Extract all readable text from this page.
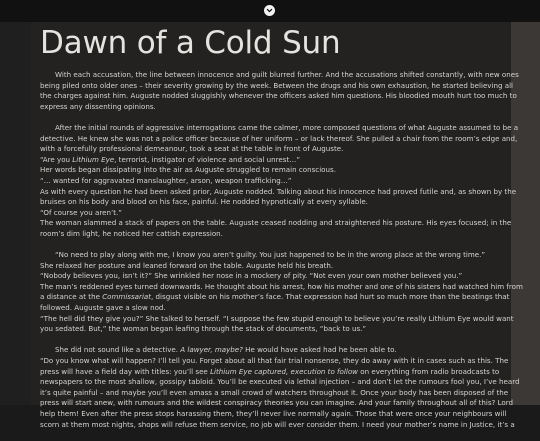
Dawn of a Cold Sun

With each accusation, the line between innocence and guilt blurred further. And the accusations shifted constantly, with new ones
being piled onto older ones – their severity growing by the week. Between the drugs and his own exhaustion, he started believing all
the charges against him. Auguste nodded sluggishly whenever the officers asked him questions. His bloodied mouth hurt too much to
express any dissenting opinions.

After the initial rounds of aggressive interrogations came the calmer, more composed questions of what Auguste assumed to be a
detective. He knew she was not a police officer because of her uniform – or lack thereof. She pulled a chair from the room’s edge and,
with a forcefully professional demeanour, took a seat at the table in front of Auguste.
“Are you Lithium Eye, terrorist, instigator of violence and social unrest…”
Her words began dissipating into the air as Auguste struggled to remain conscious.
“… wanted for aggravated manslaughter, arson, weapon trafficking…”
As with every question he had been asked prior, Auguste nodded. Talking about his innocence had proved futile and, as shown by the
bruises on his body and blood on his face, painful. He nodded hypnotically at every syllable.
“Of course you aren’t.”
The woman slammed a stack of papers on the table. Auguste ceased nodding and straightened his posture. His eyes focused; in the
room’s dim light, he noticed her cattish expression.

“No need to play along with me, I know you aren’t guilty. You just happened to be in the wrong place at the wrong time.”
She relaxed her posture and leaned forward on the table. Auguste held his breath.
“Nobody believes you, isn’t it?” She wrinkled her nose in a mockery of pity. “Not even your own mother believed you.”
The man’s reddened eyes turned downwards. He thought about his arrest, how his mother and one of his sisters had watched him from
a distance at the Commissariat, disgust visible on his mother’s face. That expression had hurt so much more than the beatings that
followed. Auguste gave a slow nod.
“The hell did they give you?” She talked to herself. “I suppose the few stupid enough to believe you’re really Lithium Eye would want
you sedated. But,” the woman began leafing through the stack of documents, “back to us.”

She did not sound like a detective. A lawyer, maybe? He would have asked had he been able to.
“Do you know what will happen? I’ll tell you. Forget about all that fair trial nonsense, they do away with it in cases such as this. The
press will have a field day with titles: you’ll see Lithium Eye captured, execution to follow on everything from radio broadcasts to
newspapers to the most shallow, gossipy tabloid. You’ll be executed via lethal injection – and don’t let the rumours fool you, I’ve heard
it’s quite painful – and maybe you’ll even amass a small crowd of watchers throughout it. Once your body has been disposed of the
press will start anew, with rumours and the wildest conspiracy theories you can imagine. And your family throughout all of this? Lord
help them! Even after the press stops harassing them, they’ll never live normally again. Those that were once your neighbours will
scorn at them most nights, shops will refuse them service, no job will ever consider them. I need your mother’s name in Justice, it’s a
